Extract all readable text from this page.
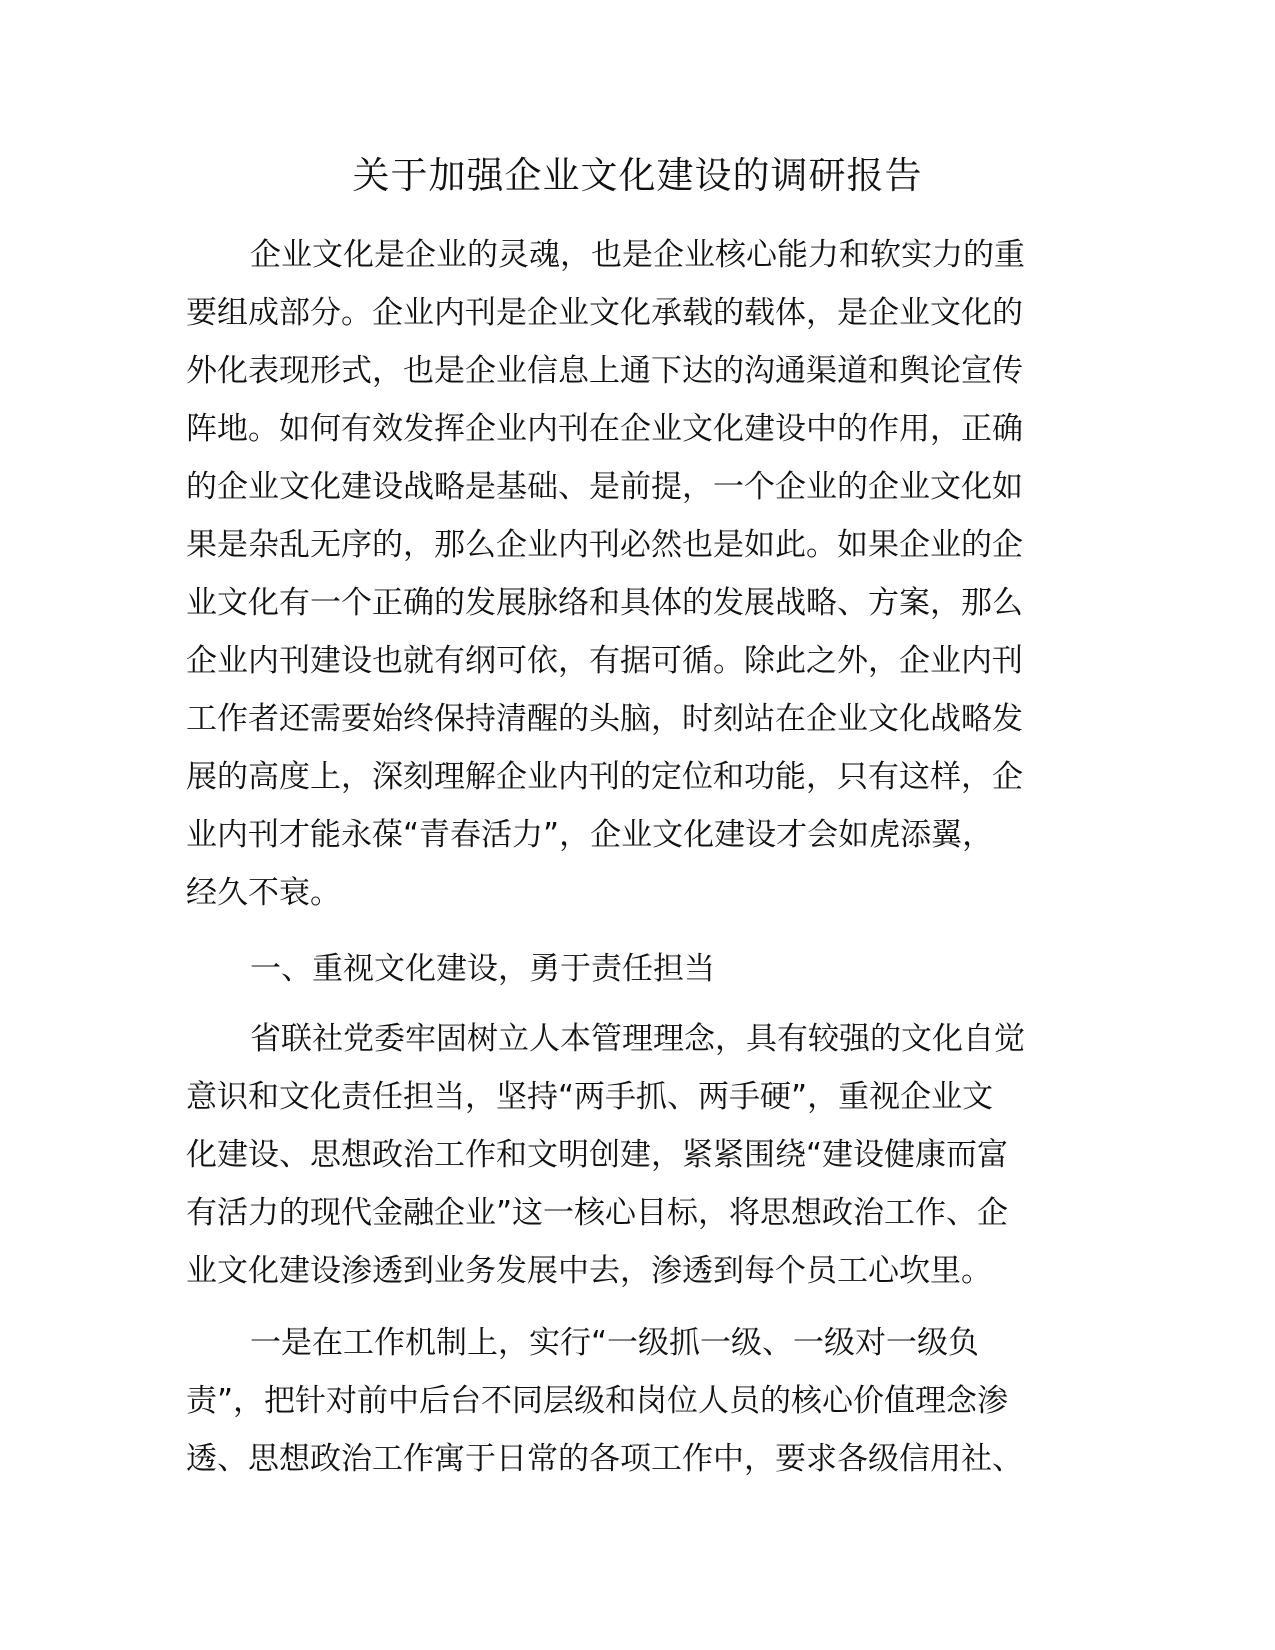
关于加强企业文化建设的调研报告
企业文化是企业的灵魂，也是企业核心能力和软实力的重
要组成部分。企业内刊是企业文化承载的载体，是企业文化的
外化表现形式，也是企业信息上通下达的沟通渠道和舆论宣传
阵地。如何有效发挥企业内刊在企业文化建设中的作用，正确
的企业文化建设战略是基础、是前提，一个企业的企业文化如
果是杂乱无序的，那么企业内刊必然也是如此。如果企业的企
业文化有一个正确的发展脉络和具体的发展战略、方案，那么
企业内刊建设也就有纲可依，有据可循。除此之外，企业内刊
工作者还需要始终保持清醒的头脑，时刻站在企业文化战略发
展的高度上，深刻理解企业内刊的定位和功能，只有这样，企
业内刊才能永葆“青春活力”，企业文化建设才会如虎添翼，
经久不衰。
一、重视文化建设，勇于责任担当
省联社党委牢固树立人本管理理念，具有较强的文化自觉
意识和文化责任担当，坚持“两手抓、两手硬”，重视企业文
化建设、思想政治工作和文明创建，紧紧围绕“建设健康而富
有活力的现代金融企业”这一核心目标，将思想政治工作、企
业文化建设渗透到业务发展中去，渗透到每个员工心坎里。
一是在工作机制上，实行“一级抓一级、一级对一级负
责”，把针对前中后台不同层级和岗位人员的核心价值理念渗
透、思想政治工作寓于日常的各项工作中，要求各级信用社、
